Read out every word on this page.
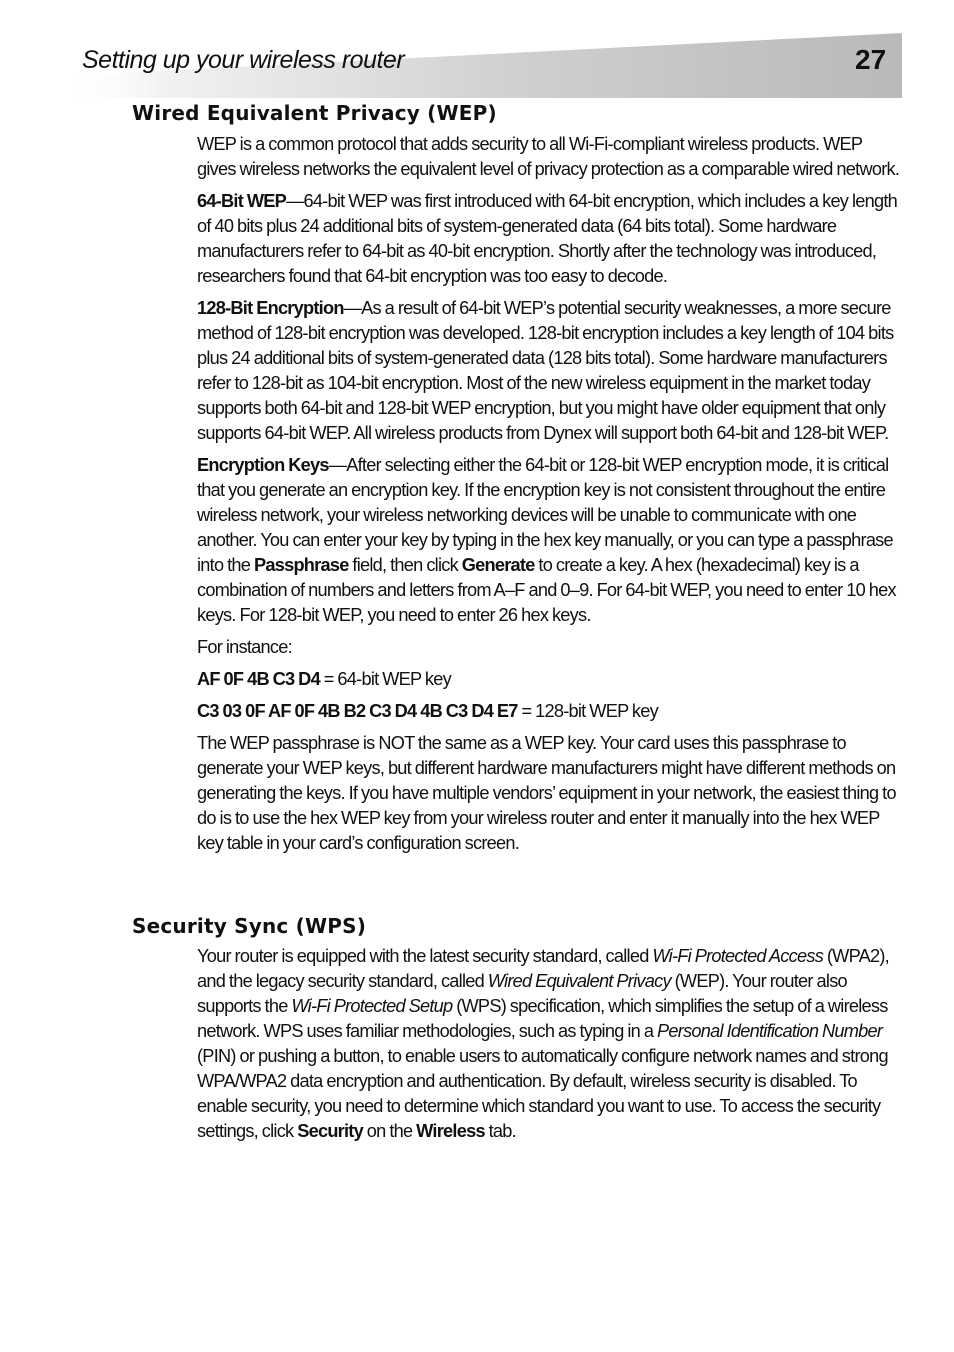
Setting up your wireless router	27
Wired Equivalent Privacy (WEP)

WEP is a common protocol that adds security to all Wi-Fi-compliant wireless products. WEP gives wireless networks the equivalent level of privacy protection as a comparable wired network.

64-Bit WEP—64-bit WEP was first introduced with 64-bit encryption, which includes a key length of 40 bits plus 24 additional bits of system-generated data (64 bits total). Some hardware manufacturers refer to 64-bit as 40-bit encryption. Shortly after the technology was introduced, researchers found that 64-bit encryption was too easy to decode.

128-Bit Encryption—As a result of 64-bit WEP’s potential security weaknesses, a more secure method of 128-bit encryption was developed. 128-bit encryption includes a key length of 104 bits plus 24 additional bits of system-generated data (128 bits total). Some hardware manufacturers refer to 128-bit as 104-bit encryption. Most of the new wireless equipment in the market today supports both 64-bit and 128-bit WEP encryption, but you might have older equipment that only supports 64-bit WEP. All wireless products from Dynex will support both 64-bit and 128-bit WEP.

Encryption Keys—After selecting either the 64-bit or 128-bit WEP encryption mode, it is critical that you generate an encryption key. If the encryption key is not consistent throughout the entire wireless network, your wireless networking devices will be unable to communicate with one another. You can enter your key by typing in the hex key manually, or you can type a passphrase into the Passphrase field, then click Generate to create a key. A hex (hexadecimal) key is a combination of numbers and letters from A–F and 0–9. For 64-bit WEP, you need to enter 10 hex keys. For 128-bit WEP, you need to enter 26 hex keys.

For instance:

AF 0F 4B C3 D4 = 64-bit WEP key

C3 03 0F AF 0F 4B B2 C3 D4 4B C3 D4 E7 = 128-bit WEP key

The WEP passphrase is NOT the same as a WEP key. Your card uses this passphrase to generate your WEP keys, but different hardware manufacturers might have different methods on generating the keys. If you have multiple vendors’ equipment in your network, the easiest thing to do is to use the hex WEP key from your wireless router and enter it manually into the hex WEP key table in your card’s configuration screen.

Security Sync (WPS)

Your router is equipped with the latest security standard, called Wi-Fi Protected Access (WPA2), and the legacy security standard, called Wired Equivalent Privacy (WEP). Your router also supports the Wi-Fi Protected Setup (WPS) specification, which simplifies the setup of a wireless network. WPS uses familiar methodologies, such as typing in a Personal Identification Number (PIN) or pushing a button, to enable users to automatically configure network names and strong WPA/WPA2 data encryption and authentication. By default, wireless security is disabled. To enable security, you need to determine which standard you want to use. To access the security settings, click Security on the Wireless tab.
